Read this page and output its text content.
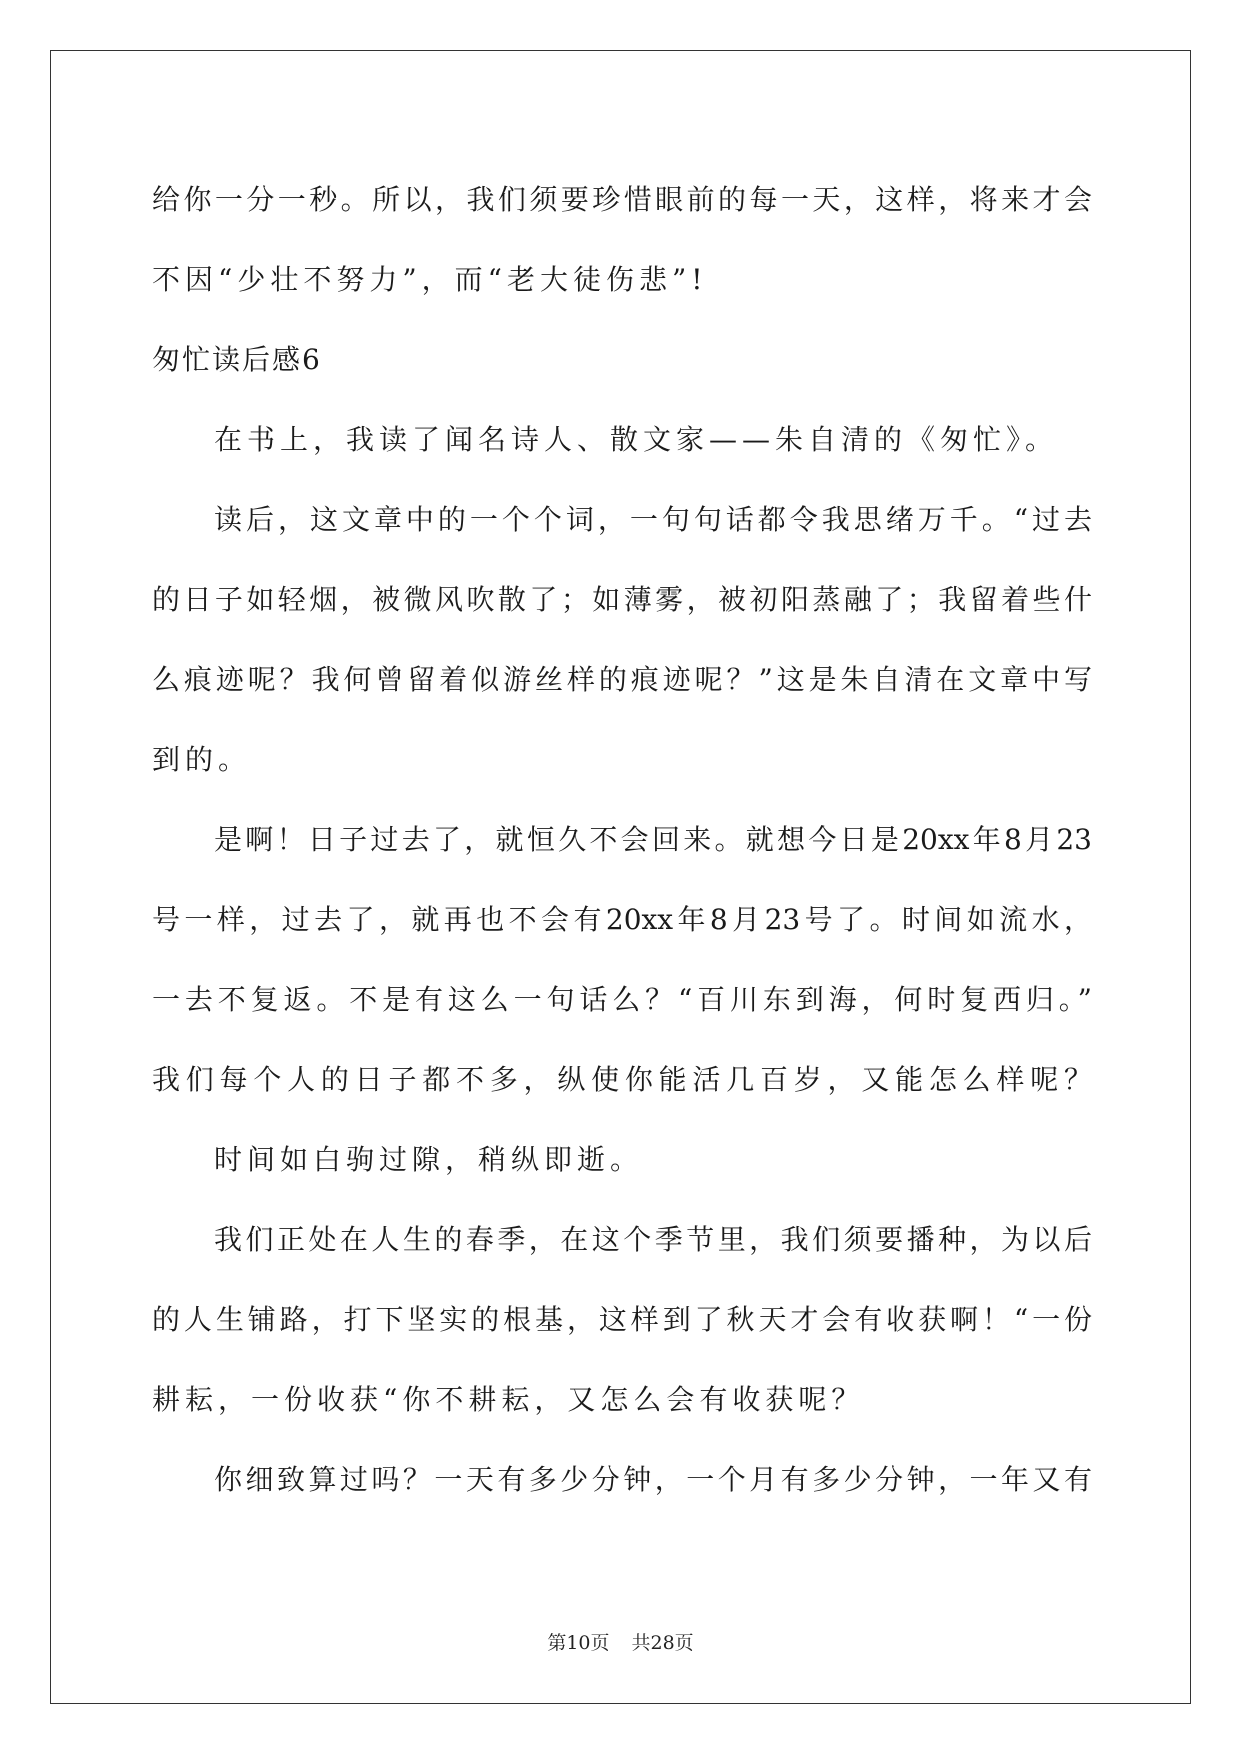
给你一分一秒。所以，我们须要珍惜眼前的每一天，这样，将来才会
不因“少壮不努力”，而“老大徒伤悲”!
匆忙读后感6
在书上，我读了闻名诗人、散文家——朱自清的《匆忙》。
读后，这文章中的一个个词，一句句话都令我思绪万千。“过去
的日子如轻烟，被微风吹散了；如薄雾，被初阳蒸融了；我留着些什
么痕迹呢？我何曾留着似游丝样的痕迹呢？”这是朱自清在文章中写
到的。
是啊！日子过去了，就恒久不会回来。就想今日是20xx年8月23
号一样，过去了，就再也不会有20xx年8月23号了。时间如流水，
一去不复返。不是有这么一句话么？“百川东到海，何时复西归。”
我们每个人的日子都不多，纵使你能活几百岁，又能怎么样呢？
时间如白驹过隙，稍纵即逝。
我们正处在人生的春季，在这个季节里，我们须要播种，为以后
的人生铺路，打下坚实的根基，这样到了秋天才会有收获啊！“一份
耕耘，一份收获“你不耕耘，又怎么会有收获呢？
你细致算过吗？一天有多少分钟，一个月有多少分钟，一年又有
第10页 共28页
